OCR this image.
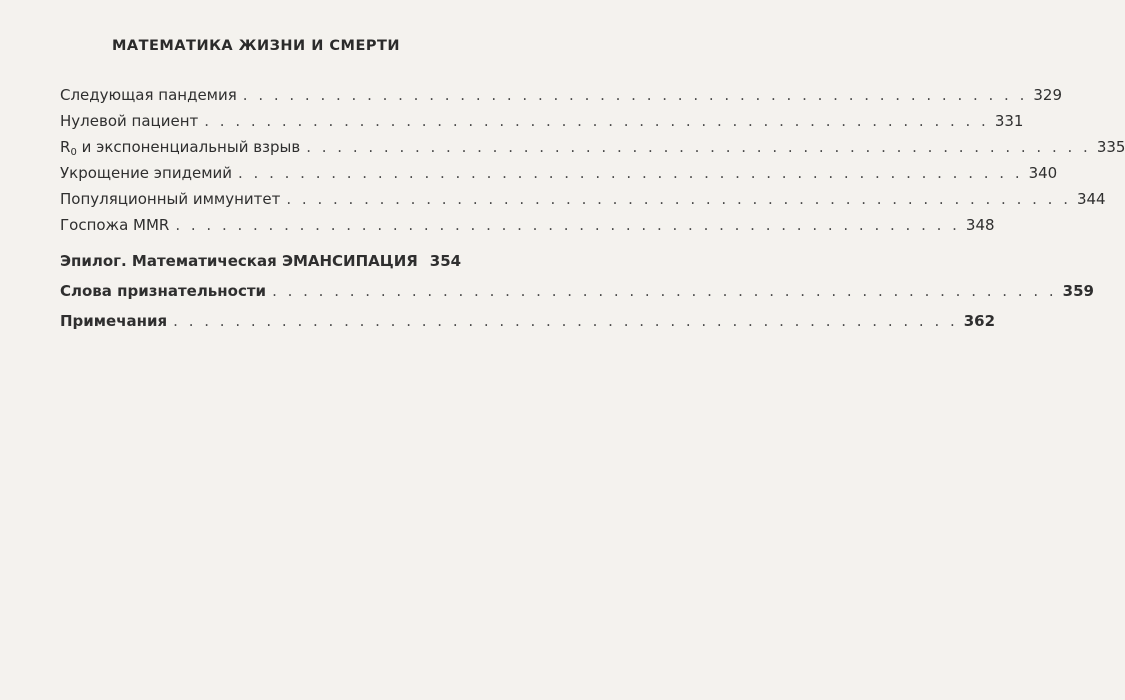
МАТЕМАТИКА ЖИЗНИ И СМЕРТИ
Следующая пандемия . . . . . . . . . . . . . . . . . . . . . . . . . . . . . . . . . . . . . . . . . . . . . . . . . . . 329
Нулевой пациент . . . . . . . . . . . . . . . . . . . . . . . . . . . . . . . . . . . . . . . . . . . . . . . . . . . 331
$R_0$ и экспоненциальный взрыв . . . . . . . . . . . . . . . . . . . . . . . . . . . . . . . . . . . . . . . . . . . . . . . . . . . 335
Укрощение эпидемий . . . . . . . . . . . . . . . . . . . . . . . . . . . . . . . . . . . . . . . . . . . . . . . . . . . 340
Популяционный иммунитет . . . . . . . . . . . . . . . . . . . . . . . . . . . . . . . . . . . . . . . . . . . . . . . . . . . 344
Госпожа MMR . . . . . . . . . . . . . . . . . . . . . . . . . . . . . . . . . . . . . . . . . . . . . . . . . . . 348
Эпилог. Математическая ЭМАНСИПАЦИЯ 354
Слова признательности . . . . . . . . . . . . . . . . . . . . . . . . . . . . . . . . . . . . . . . . . . . . . . . . . . . 359
Примечания . . . . . . . . . . . . . . . . . . . . . . . . . . . . . . . . . . . . . . . . . . . . . . . . . . . 362
